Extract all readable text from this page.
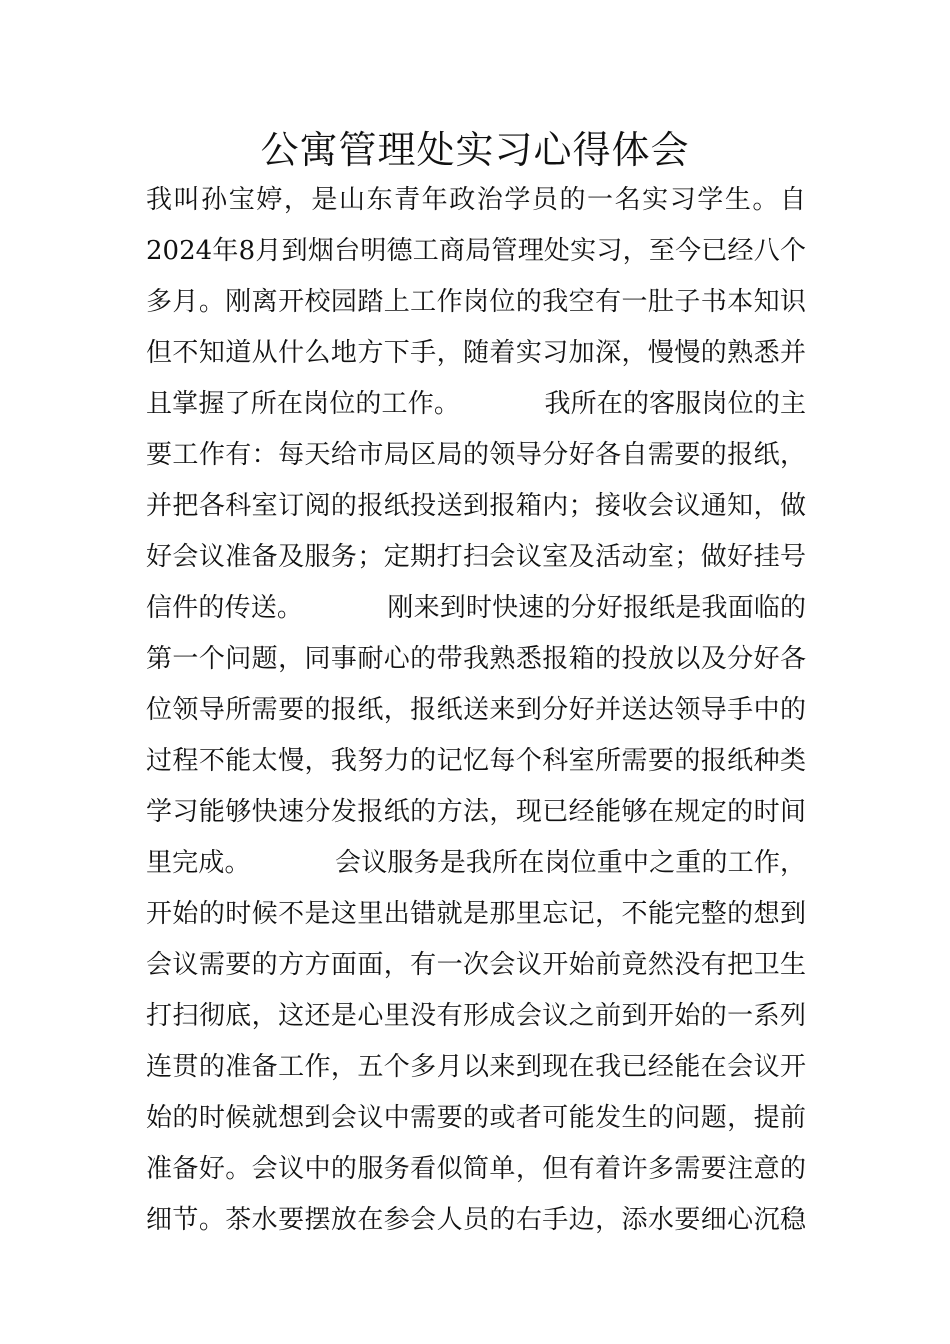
公寓管理处实习心得体会
我叫孙宝婷，是山东青年政治学员的一名实习学生。自
2024年8月到烟台明德工商局管理处实习，至今已经八个
多月。刚离开校园踏上工作岗位的我空有一肚子书本知识
但不知道从什么地方下手，随着实习加深，慢慢的熟悉并
且掌握了所在岗位的工作。          我所在的客服岗位的主
要工作有：每天给市局区局的领导分好各自需要的报纸，
并把各科室订阅的报纸投送到报箱内；接收会议通知，做
好会议准备及服务；定期打扫会议室及活动室；做好挂号
信件的传送。          刚来到时快速的分好报纸是我面临的
第一个问题，同事耐心的带我熟悉报箱的投放以及分好各
位领导所需要的报纸，报纸送来到分好并送达领导手中的
过程不能太慢，我努力的记忆每个科室所需要的报纸种类
学习能够快速分发报纸的方法，现已经能够在规定的时间
里完成。          会议服务是我所在岗位重中之重的工作，
开始的时候不是这里出错就是那里忘记，不能完整的想到
会议需要的方方面面，有一次会议开始前竟然没有把卫生
打扫彻底，这还是心里没有形成会议之前到开始的一系列
连贯的准备工作，五个多月以来到现在我已经能在会议开
始的时候就想到会议中需要的或者可能发生的问题，提前
准备好。会议中的服务看似简单，但有着许多需要注意的
细节。茶水要摆放在参会人员的右手边，添水要细心沉稳
